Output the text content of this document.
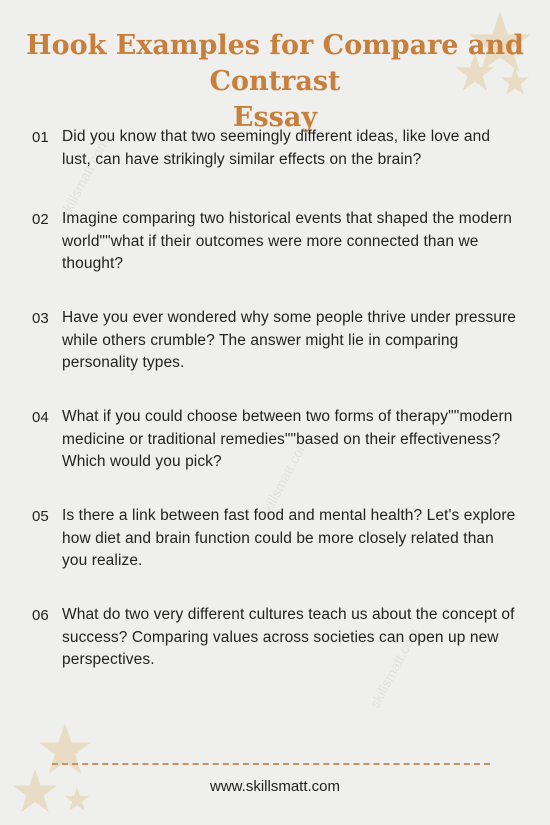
skillsmatt.com
skillsmatt.com
skillsmatt.com
Hook Examples for Compare and Contrast
Essay
01 Did you know that two seemingly different ideas, like love and lust, can have strikingly similar effects on the brain?
02 Imagine comparing two historical events that shaped the modern world""what if their outcomes were more connected than we thought?
03 Have you ever wondered why some people thrive under pressure while others crumble? The answer might lie in comparing personality types.
04 What if you could choose between two forms of therapy""modern medicine or traditional remedies""based on their effectiveness? Which would you pick?
05 Is there a link between fast food and mental health? Let's explore how diet and brain function could be more closely related than you realize.
06 What do two very different cultures teach us about the concept of success? Comparing values across societies can open up new perspectives.
www.skillsmatt.com
